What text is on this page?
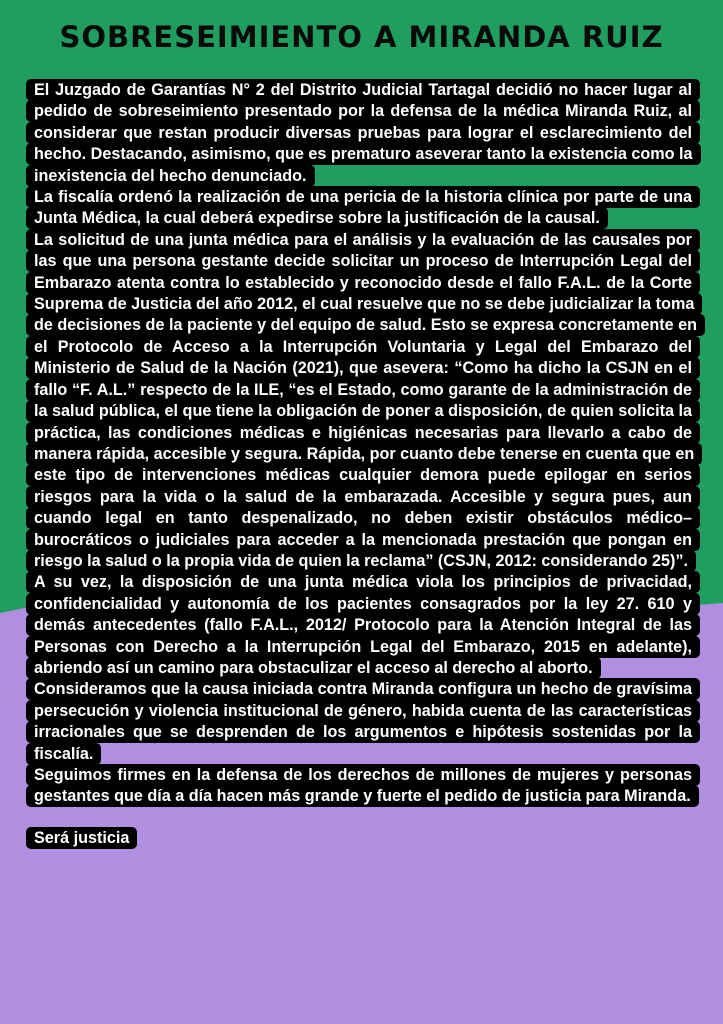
SOBRESEIMIENTO A MIRANDA RUIZ

El Juzgado de Garantías N° 2 del Distrito Judicial Tartagal decidió no hacer lugar al pedido de sobreseimiento presentado por la defensa de la médica Miranda Ruiz, al considerar que restan producir diversas pruebas para lograr el esclarecimiento del hecho. Destacando, asimismo, que es prematuro aseverar tanto la existencia como la inexistencia del hecho denunciado.

La fiscalía ordenó la realización de una pericia de la historia clínica por parte de una Junta Médica, la cual deberá expedirse sobre la justificación de la causal.

La solicitud de una junta médica para el análisis y la evaluación de las causales por las que una persona gestante decide solicitar un proceso de Interrupción Legal del Embarazo atenta contra lo establecido y reconocido desde el fallo F.A.L. de la Corte Suprema de Justicia del año 2012, el cual resuelve que no se debe judicializar la toma de decisiones de la paciente y del equipo de salud. Esto se expresa concretamente en el Protocolo de Acceso a la Interrupción Voluntaria y Legal del Embarazo del Ministerio de Salud de la Nación (2021), que asevera: “Como ha dicho la CSJN en el fallo “F. A.L.” respecto de la ILE, “es el Estado, como garante de la administración de la salud pública, el que tiene la obligación de poner a disposición, de quien solicita la práctica, las condiciones médicas e higiénicas necesarias para llevarlo a cabo de manera rápida, accesible y segura. Rápida, por cuanto debe tenerse en cuenta que en este tipo de intervenciones médicas cualquier demora puede epilogar en serios riesgos para la vida o la salud de la embarazada. Accesible y segura pues, aun cuando legal en tanto despenalizado, no deben existir obstáculos médico–burocráticos o judiciales para acceder a la mencionada prestación que pongan en riesgo la salud o la propia vida de quien la reclama” (CSJN, 2012: considerando 25)”.

A su vez, la disposición de una junta médica viola los principios de privacidad, confidencialidad y autonomía de los pacientes consagrados por la ley 27. 610 y demás antecedentes (fallo F.A.L., 2012/ Protocolo para la Atención Integral de las Personas con Derecho a la Interrupción Legal del Embarazo, 2015 en adelante), abriendo así un camino para obstaculizar el acceso al derecho al aborto.

Consideramos que la causa iniciada contra Miranda configura un hecho de gravísima persecución y violencia institucional de género, habida cuenta de las características irracionales que se desprenden de los argumentos e hipótesis sostenidas por la fiscalía.

Seguimos firmes en la defensa de los derechos de millones de mujeres y personas gestantes que día a día hacen más grande y fuerte el pedido de justicia para Miranda.

Será justicia
